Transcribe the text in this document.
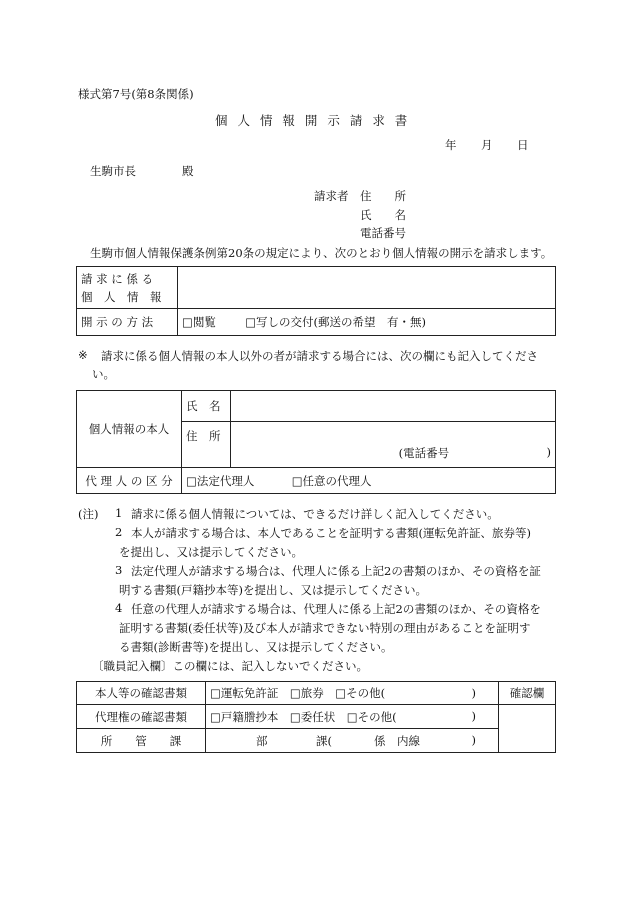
様式第7号(第8条関係)
個 人 情 報 開 示 請 求 書
年 月 日
生駒市長	殿
請求者 住　　所
氏　　名
電話番号
生駒市個人情報保護条例第20条の規定により、次のとおり個人情報の開示を請求します。
請 求 に 係 る
個　人　情　報	

開 示 の 方 法	□閲覧 □写しの交付(郵送の希望　有・無)
※ 請求に係る個人情報の本人以外の者が請求する場合には、次の欄にも記入してくださ
い。
個人情報の本人	氏　名	
	住　所	(電話番号 )

代 理 人 の 区 分	□法定代理人 □任意の代理人	
(注) 1 請求に係る個人情報については、できるだけ詳しく記入してください。
2 本人が請求する場合は、本人であることを証明する書類(運転免許証、旅券等)
を提出し、又は提示してください。
3 法定代理人が請求する場合は、代理人に係る上記2の書類のほか、その資格を証
明する書類(戸籍抄本等)を提出し、又は提示してください。
4 任意の代理人が請求する場合は、代理人に係る上記2の書類のほか、その資格を
証明する書類(委任状等)及び本人が請求できない特別の理由があることを証明す
る書類(診断書等)を提出し、又は提示してください。
〔職員記入欄〕この欄には、記入しないでください。
本人等の確認書類	□運転免許証　□旅券　□その他( )	確認欄
代理権の確認書類	□戸籍謄抄本　□委任状　□その他( )	

所　　管　　課	部 課( 係　内線 )	
